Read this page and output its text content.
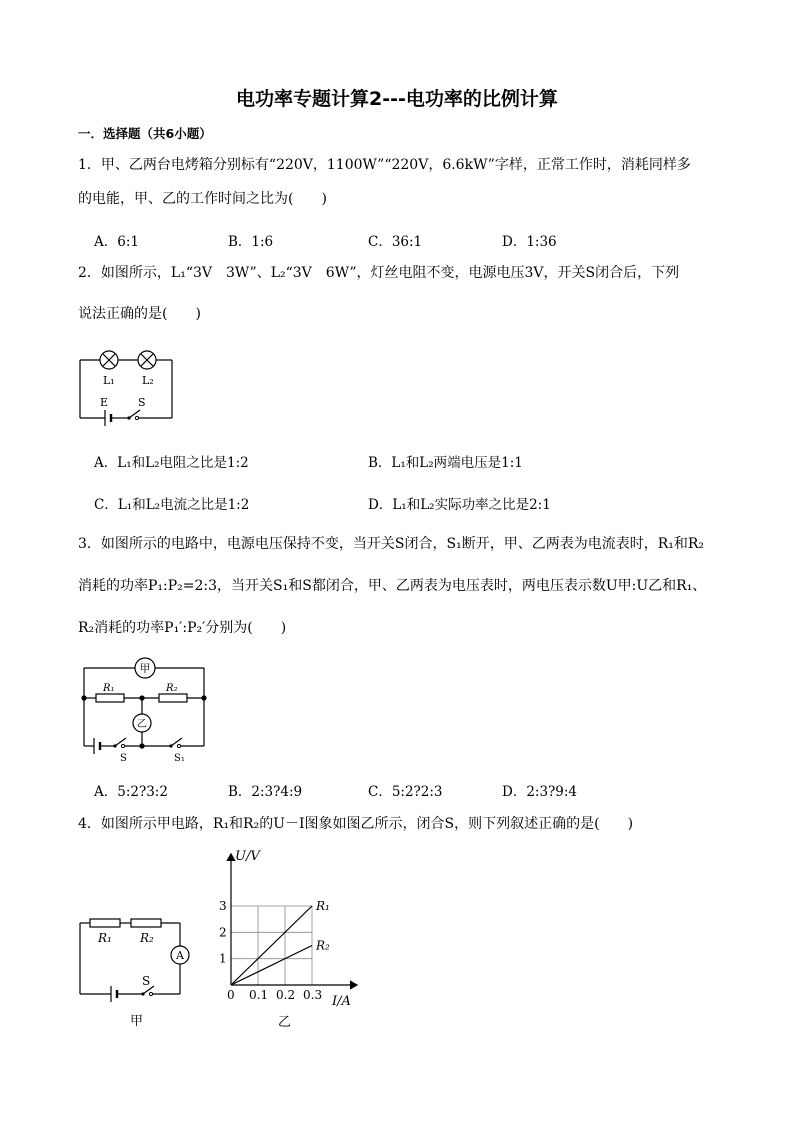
电功率专题计算2---电功率的比例计算
一．选择题（共6小题）
1．甲、乙两台电烤箱分别标有“220V，1100W”“220V，6.6kW”字样，正常工作时，消耗同样多
的电能，甲、乙的工作时间之比为(　　)
A．6:1	B．1:6	C．36:1	D．1:36
2．如图所示，L₁“3V　3W”、L₂“3V　6W”，灯丝电阻不变，电源电压3V，开关S闭合后，下列
说法正确的是(　　)
L₁ L₂
E	S
A．L₁和L₂电阻之比是1:2	B．L₁和L₂两端电压是1:1
C．L₁和L₂电流之比是1:2	D．L₁和L₂实际功率之比是2:1
3．如图所示的电路中，电源电压保持不变，当开关S闭合，S₁断开，甲、乙两表为电流表时，R₁和R₂
消耗的功率P₁:P₂=2:3，当开关S₁和S都闭合，甲、乙两表为电压表时，两电压表示数U甲:U乙和R₁、
R₂消耗的功率P₁′:P₂′分别为(　　)
甲
乙
R₁	R₂
S	S₁
A．5:2?3:2	B．2:3?4:9	C．5:2?2:3	D．2:3?9:4
4．如图所示甲电路，R₁和R₂的U－I图象如图乙所示，闭合S，则下列叙述正确的是(　　)
A
R₁ R₂
S
甲
0 0.1 0.2 0.3
1
2
3
I/A
U/V
R₁
R₂
乙
